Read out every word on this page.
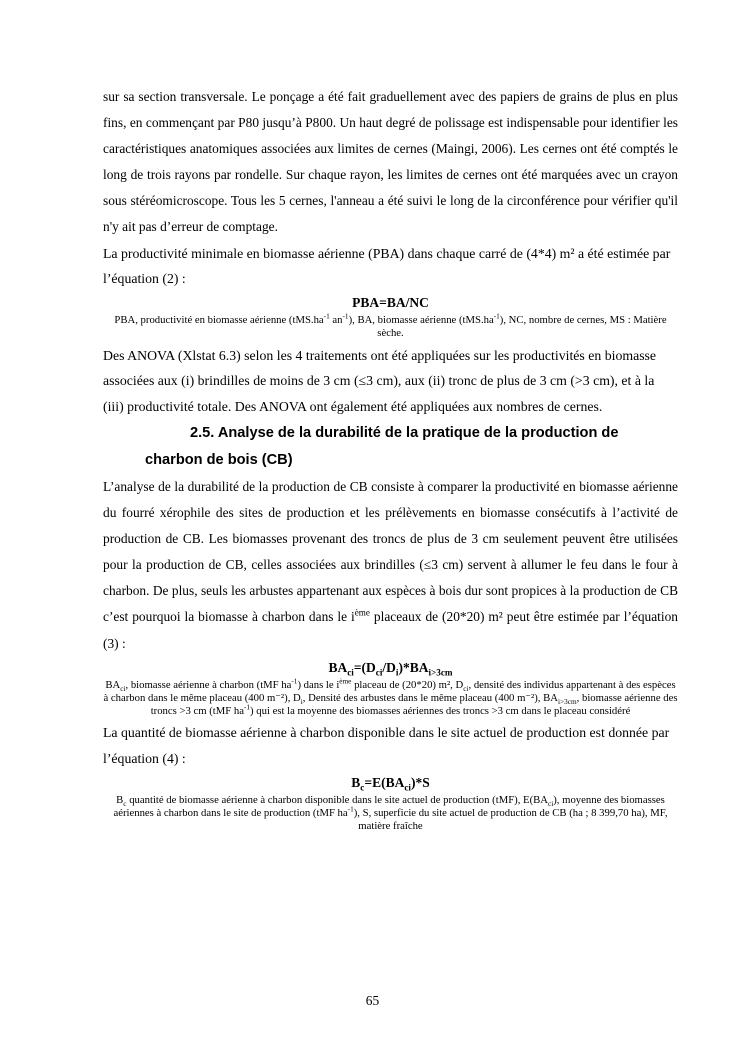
sur sa section transversale. Le ponçage a été fait graduellement avec des papiers de grains de plus en plus fins, en commençant par P80 jusqu’à P800. Un haut degré de polissage est indispensable pour identifier les caractéristiques anatomiques associées aux limites de cernes (Maingi, 2006). Les cernes ont été comptés le long de trois rayons par rondelle. Sur chaque rayon, les limites de cernes ont été marquées avec un crayon sous stéréomicroscope. Tous les 5 cernes, l'anneau a été suivi le long de la circonférence pour vérifier qu'il n'y ait pas d’erreur de comptage.

La productivité minimale en biomasse aérienne (PBA) dans chaque carré de (4*4) m² a été estimée par l’équation (2) :

PBA=BA/NC

PBA, productivité en biomasse aérienne ($tMS.ha^{-1}$ $an^{-1}$), BA, biomasse aérienne $(tMS.ha^{-1})$, NC, nombre de cernes, MS : Matière sèche.

Des ANOVA (Xlstat 6.3) selon les 4 traitements ont été appliquées sur les productivités en biomasse associées aux (i) brindilles de moins de 3 cm (≤3 cm), aux (ii) tronc de plus de 3 cm (>3 cm), et à la (iii) productivité totale. Des ANOVA ont également été appliquées aux nombres de cernes.

2.5. Analyse de la durabilité de la pratique de la production de

charbon de bois (CB)

L’analyse de la durabilité de la production de CB consiste à comparer la productivité en biomasse aérienne du fourré xérophile des sites de production et les prélèvements en biomasse consécutifs à l’activité de production de CB. Les biomasses provenant des troncs de plus de 3 cm seulement peuvent être utilisées pour la production de CB, celles associées aux brindilles (≤3 cm) servent à allumer le feu dans le four à charbon. De plus, seuls les arbustes appartenant aux espèces à bois dur sont propices à la production de CB c’est pourquoi la biomasse à charbon dans le $i^{ème}$ placeaux de (20*20) m² peut être estimée par l’équation (3) :

$BA_{ci}=(D_{ci}/D_i)*BA_{i>3cm}$

$BA_{ci}$, biomasse aérienne à charbon (tMF $ha^{-1}$) dans le $i^{ème}$ placeau de (20*20) m², $D_{ci}$, densité des individus appartenant à des espèces à charbon dans le même placeau (400 m⁻²), $D_i$, Densité des arbustes dans le même placeau (400 m⁻²), $BA_{i>3cm}$, biomasse aérienne des troncs >3 cm (tMF $ha^{-1}$) qui est la moyenne des biomasses aériennes des troncs >3 cm dans le placeau considéré

La quantité de biomasse aérienne à charbon disponible dans le site actuel de production est donnée par l’équation (4) :

$B_c=E(BA_{ci})*S$

$B_c$ quantité de biomasse aérienne à charbon disponible dans le site actuel de production (tMF), $E(BA_{ci})$, moyenne des biomasses aériennes à charbon dans le site de production (tMF $ha^{-1}$), S, superficie du site actuel de production de CB (ha ; 8 399,70 ha), MF, matière fraîche

65
